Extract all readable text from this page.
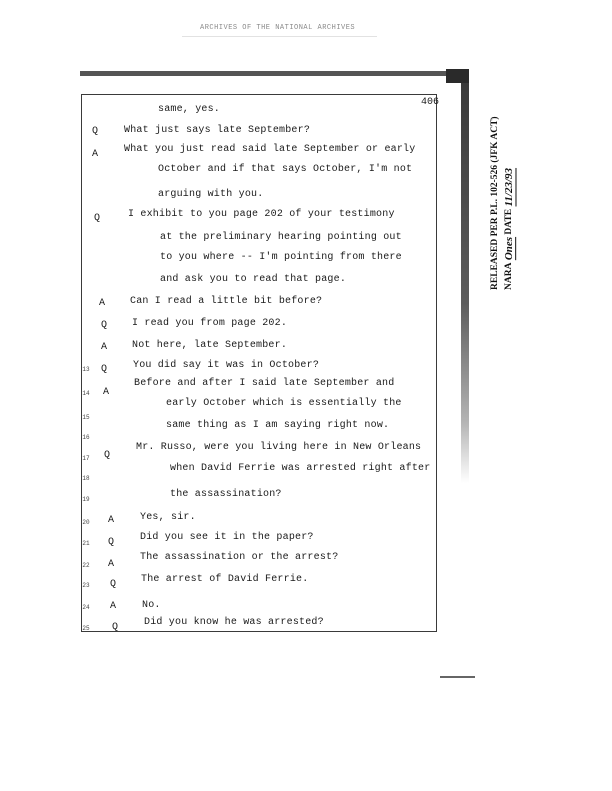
ARCHIVES OF THE NATIONAL ARCHIVES
406
RELEASED PER P.L. 102-526 (JFK ACT) NARA Ones DATE 11/23/93
same, yes.
Q	What just says late September?
A	What you just read said late September or early
October and if that says October, I'm not
arguing with you.
Q	I exhibit to you page 202 of your testimony
at the preliminary hearing pointing out
to you where -- I'm pointing from there
and ask you to read that page.
A Can I read a little bit before?
Q I read you from page 202.
A Not here, late September.
13 Q	You did say it was in October?
14 A
Before and after I said late September and
15
early October which is essentially the
16
same thing as I am saying right now.
17 Q
Mr. Russo, were you living here in New Orleans
18
when David Ferrie was arrested right after
19	the assassination?
20 A	Yes, sir.
21 Q	Did you see it in the paper?
22 A
The assassination or the arrest?
23 Q The arrest of David Ferrie.
24 A	No.
25 Q	Did you know he was arrested?
